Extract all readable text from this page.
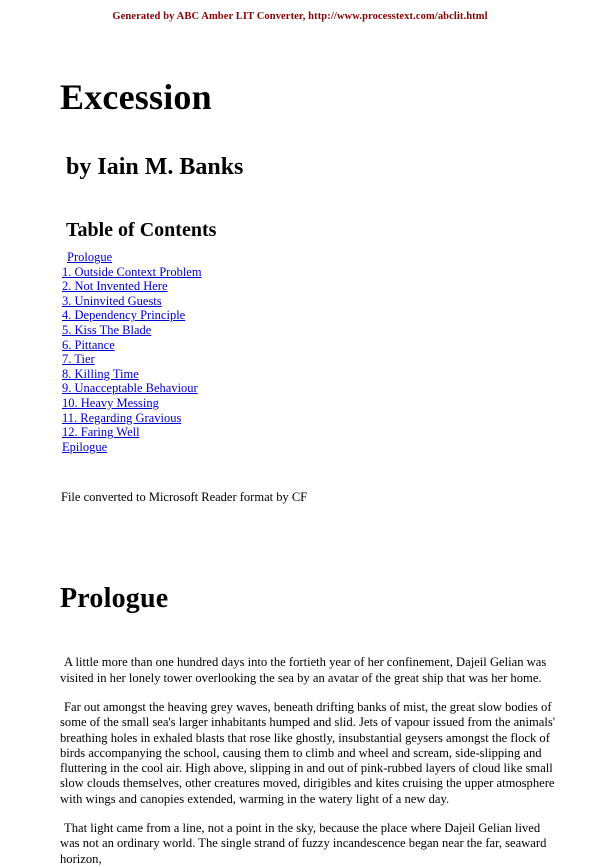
Generated by ABC Amber LIT Converter, http://www.processtext.com/abclit.html
Excession
by Iain M. Banks
Table of Contents
Prologue
1. Outside Context Problem
2. Not Invented Here
3. Uninvited Guests
4. Dependency Principle
5. Kiss The Blade
6. Pittance
7. Tier
8. Killing Time
9. Unacceptable Behaviour
10. Heavy Messing
11. Regarding Gravious
12. Faring Well
Epilogue

File converted to Microsoft Reader format by CF

Prologue

A little more than one hundred days into the fortieth year of her confinement, Dajeil Gelian was visited in her lonely tower overlooking the sea by an avatar of the great ship that was her home.

Far out amongst the heaving grey waves, beneath drifting banks of mist, the great slow bodies of some of the small sea's larger inhabitants humped and slid. Jets of vapour issued from the animals' breathing holes in exhaled blasts that rose like ghostly, insubstantial geysers amongst the flock of birds accompanying the school, causing them to climb and wheel and scream, side-slipping and fluttering in the cool air. High above, slipping in and out of pink-rubbed layers of cloud like small slow clouds themselves, other creatures moved, dirigibles and kites cruising the upper atmosphere with wings and canopies extended, warming in the watery light of a new day.

That light came from a line, not a point in the sky, because the place where Dajeil Gelian lived was not an ordinary world. The single strand of fuzzy incandescence began near the far, seaward horizon,
